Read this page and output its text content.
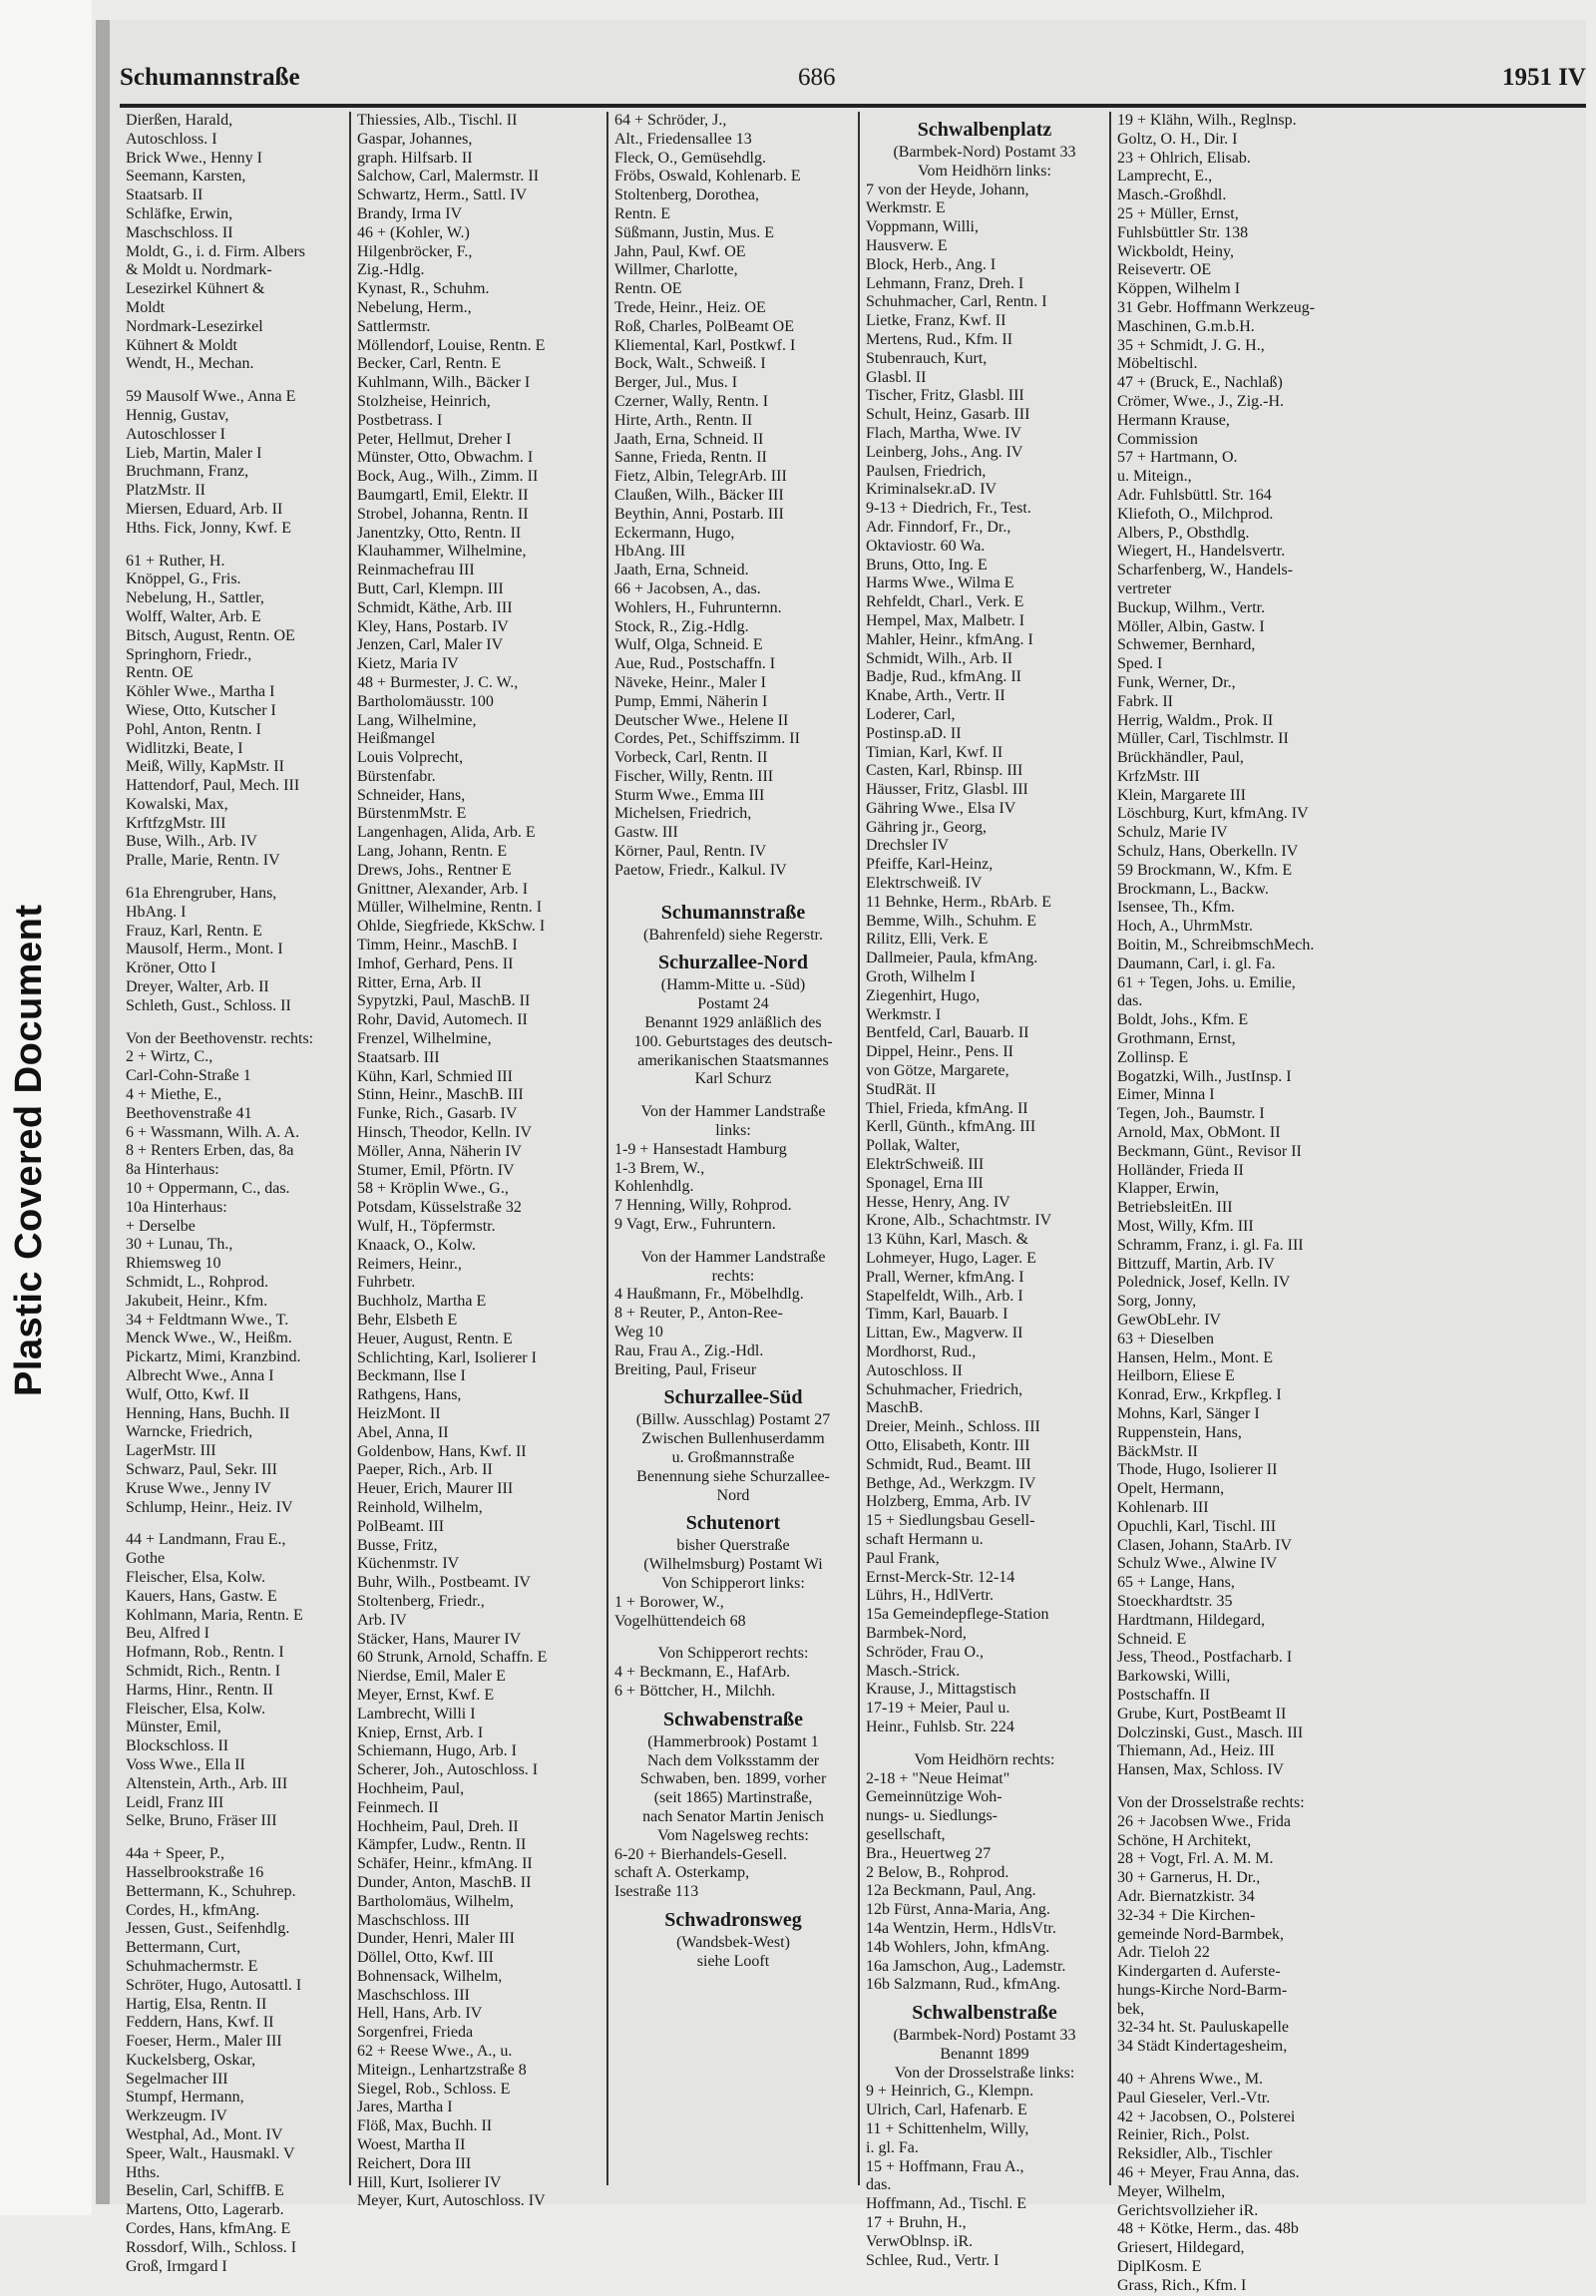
Plastic Covered Document
Schumannstraße	686	1951 IV
Dierßen, Harald,
Autoschloss. I
Brick Wwe., Henny I
Seemann, Karsten,
Staatsarb. II
Schläfke, Erwin,
Maschschloss. II
Moldt, G., i. d. Firm. Albers
& Moldt u. Nordmark-
Lesezirkel Kühnert &
Moldt
Nordmark-Lesezirkel
Kühnert & Moldt
Wendt, H., Mechan.
59 Mausolf Wwe., Anna E
Hennig, Gustav,
Autoschlosser I
Lieb, Martin, Maler I
Bruchmann, Franz,
PlatzMstr. II
Miersen, Eduard, Arb. II
Hths. Fick, Jonny, Kwf. E
61 + Ruther, H.
Knöppel, G., Fris.
Nebelung, H., Sattler,
Wolff, Walter, Arb. E
Bitsch, August, Rentn. OE
Springhorn, Friedr.,
Rentn. OE
Köhler Wwe., Martha I
Wiese, Otto, Kutscher I
Pohl, Anton, Rentn. I
Widlitzki, Beate, I
Meiß, Willy, KapMstr. II
Hattendorf, Paul, Mech. III
Kowalski, Max,
KrftfzgMstr. III
Buse, Wilh., Arb. IV
Pralle, Marie, Rentn. IV
61a Ehrengruber, Hans,
HbAng. I
Frauz, Karl, Rentn. E
Mausolf, Herm., Mont. I
Kröner, Otto I
Dreyer, Walter, Arb. II
Schleth, Gust., Schloss. II
Von der Beethovenstr. rechts:
2 + Wirtz, C.,
Carl-Cohn-Straße 1
4 + Miethe, E.,
Beethovenstraße 41
6 + Wassmann, Wilh. A. A.
8 + Renters Erben, das, 8a
8a Hinterhaus:
10 + Oppermann, C., das.
10a Hinterhaus:
+ Derselbe
30 + Lunau, Th.,
Rhiemsweg 10
Schmidt, L., Rohprod.
Jakubeit, Heinr., Kfm.
34 + Feldtmann Wwe., T.
Menck Wwe., W., Heißm.
Pickartz, Mimi, Kranzbind.
Albrecht Wwe., Anna I
Wulf, Otto, Kwf. II
Henning, Hans, Buchh. II
Warncke, Friedrich,
LagerMstr. III
Schwarz, Paul, Sekr. III
Kruse Wwe., Jenny IV
Schlump, Heinr., Heiz. IV
44 + Landmann, Frau E.,
Gothe
Fleischer, Elsa, Kolw.
Kauers, Hans, Gastw. E
Kohlmann, Maria, Rentn. E
Beu, Alfred I
Hofmann, Rob., Rentn. I
Schmidt, Rich., Rentn. I
Harms, Hinr., Rentn. II
Fleischer, Elsa, Kolw.
Münster, Emil,
Blockschloss. II
Voss Wwe., Ella II
Altenstein, Arth., Arb. III
Leidl, Franz III
Selke, Bruno, Fräser III
44a + Speer, P.,
Hasselbrookstraße 16
Bettermann, K., Schuhrep.
Cordes, H., kfmAng.
Jessen, Gust., Seifenhdlg.
Bettermann, Curt,
Schuhmachermstr. E
Schröter, Hugo, Autosattl. I
Hartig, Elsa, Rentn. II
Feddern, Hans, Kwf. II
Foeser, Herm., Maler III
Kuckelsberg, Oskar,
Segelmacher III
Stumpf, Hermann,
Werkzeugm. IV
Westphal, Ad., Mont. IV
Speer, Walt., Hausmakl. V
Hths.
Beselin, Carl, SchiffB. E
Martens, Otto, Lagerarb.
Cordes, Hans, kfmAng. E
Rossdorf, Wilh., Schloss. I
Groß, Irmgard I
Thiessies, Alb., Tischl. II
Gaspar, Johannes,
graph. Hilfsarb. II
Salchow, Carl, Malermstr. II
Schwartz, Herm., Sattl. IV
Brandy, Irma IV
46 + (Kohler, W.)
Hilgenbröcker, F.,
Zig.-Hdlg.
Kynast, R., Schuhm.
Nebelung, Herm.,
Sattlermstr.
Möllendorf, Louise, Rentn. E
Becker, Carl, Rentn. E
Kuhlmann, Wilh., Bäcker I
Stolzheise, Heinrich,
Postbetrass. I
Peter, Hellmut, Dreher I
Münster, Otto, Obwachm. I
Bock, Aug., Wilh., Zimm. II
Baumgartl, Emil, Elektr. II
Strobel, Johanna, Rentn. II
Janentzky, Otto, Rentn. II
Klauhammer, Wilhelmine,
Reinmachefrau III
Butt, Carl, Klempn. III
Schmidt, Käthe, Arb. III
Kley, Hans, Postarb. IV
Jenzen, Carl, Maler IV
Kietz, Maria IV
48 + Burmester, J. C. W.,
Bartholomäusstr. 100
Lang, Wilhelmine,
Heißmangel
Louis Volprecht,
Bürstenfabr.
Schneider, Hans,
BürstenmMstr. E
Langenhagen, Alida, Arb. E
Lang, Johann, Rentn. E
Drews, Johs., Rentner E
Gnittner, Alexander, Arb. I
Müller, Wilhelmine, Rentn. I
Ohlde, Siegfriede, KkSchw. I
Timm, Heinr., MaschB. I
Imhof, Gerhard, Pens. II
Ritter, Erna, Arb. II
Sypytzki, Paul, MaschB. II
Rohr, David, Automech. II
Frenzel, Wilhelmine,
Staatsarb. III
Kühn, Karl, Schmied III
Stinn, Heinr., MaschB. III
Funke, Rich., Gasarb. IV
Hinsch, Theodor, Kelln. IV
Möller, Anna, Näherin IV
Stumer, Emil, Pförtn. IV
58 + Kröplin Wwe., G.,
Potsdam, Küsselstraße 32
Wulf, H., Töpfermstr.
Knaack, O., Kolw.
Reimers, Heinr.,
Fuhrbetr.
Buchholz, Martha E
Behr, Elsbeth E
Heuer, August, Rentn. E
Schlichting, Karl, Isolierer I
Beckmann, Ilse I
Rathgens, Hans,
HeizMont. II
Abel, Anna, II
Goldenbow, Hans, Kwf. II
Paeper, Rich., Arb. II
Heuer, Erich, Maurer III
Reinhold, Wilhelm,
PolBeamt. III
Busse, Fritz,
Küchenmstr. IV
Buhr, Wilh., Postbeamt. IV
Stoltenberg, Friedr.,
Arb. IV
Stäcker, Hans, Maurer IV
60 Strunk, Arnold, Schaffn. E
Nierdse, Emil, Maler E
Meyer, Ernst, Kwf. E
Lambrecht, Willi I
Kniep, Ernst, Arb. I
Schiemann, Hugo, Arb. I
Scherer, Joh., Autoschloss. I
Hochheim, Paul,
Feinmech. II
Hochheim, Paul, Dreh. II
Kämpfer, Ludw., Rentn. II
Schäfer, Heinr., kfmAng. II
Dunder, Anton, MaschB. II
Bartholomäus, Wilhelm,
Maschschloss. III
Dunder, Henri, Maler III
Döllel, Otto, Kwf. III
Bohnensack, Wilhelm,
Maschschloss. III
Hell, Hans, Arb. IV
Sorgenfrei, Frieda
62 + Reese Wwe., A., u.
Miteign., Lenhartzstraße 8
Siegel, Rob., Schloss. E
Jares, Martha I
Flöß, Max, Buchh. II
Woest, Martha II
Reichert, Dora III
Hill, Kurt, Isolierer IV
Meyer, Kurt, Autoschloss. IV
64 + Schröder, J.,
Alt., Friedensallee 13
Fleck, O., Gemüsehdlg.
Fröbs, Oswald, Kohlenarb. E
Stoltenberg, Dorothea,
Rentn. E
Süßmann, Justin, Mus. E
Jahn, Paul, Kwf. OE
Willmer, Charlotte,
Rentn. OE
Trede, Heinr., Heiz. OE
Roß, Charles, PolBeamt OE
Kliemental, Karl, Postkwf. I
Bock, Walt., Schweiß. I
Berger, Jul., Mus. I
Czerner, Wally, Rentn. I
Hirte, Arth., Rentn. II
Jaath, Erna, Schneid. II
Sanne, Frieda, Rentn. II
Fietz, Albin, TelegrArb. III
Claußen, Wilh., Bäcker III
Beythin, Anni, Postarb. III
Eckermann, Hugo,
HbAng. III
Jaath, Erna, Schneid.
66 + Jacobsen, A., das.
Wohlers, H., Fuhrunternn.
Stock, R., Zig.-Hdlg.
Wulf, Olga, Schneid. E
Aue, Rud., Postschaffn. I
Näveke, Heinr., Maler I
Pump, Emmi, Näherin I
Deutscher Wwe., Helene II
Cordes, Pet., Schiffszimm. II
Vorbeck, Carl, Rentn. II
Fischer, Willy, Rentn. III
Sturm Wwe., Emma III
Michelsen, Friedrich,
Gastw. III
Körner, Paul, Rentn. IV
Paetow, Friedr., Kalkul. IV
Schumannstraße
(Bahrenfeld) siehe Regerstr.
Schurzallee-Nord
(Hamm-Mitte u. -Süd)
Postamt 24
Benannt 1929 anläßlich des
100. Geburtstages des deutsch-
amerikanischen Staatsmannes
Karl Schurz
Von der Hammer Landstraße
links:
1-9 + Hansestadt Hamburg
1-3 Brem, W.,
Kohlenhdlg.
7 Henning, Willy, Rohprod.
9 Vagt, Erw., Fuhruntern.
Von der Hammer Landstraße
rechts:
4 Haußmann, Fr., Möbelhdlg.
8 + Reuter, P., Anton-Ree-
Weg 10
Rau, Frau A., Zig.-Hdl.
Breiting, Paul, Friseur
Schurzallee-Süd
(Billw. Ausschlag) Postamt 27
Zwischen Bullenhuserdamm
u. Großmannstraße
Benennung siehe Schurzallee-
Nord
Schutenort
bisher Querstraße
(Wilhelmsburg) Postamt Wi
Von Schipperort links:
1 + Borower, W.,
Vogelhüttendeich 68
Von Schipperort rechts:
4 + Beckmann, E., HafArb.
6 + Böttcher, H., Milchh.
Schwabenstraße
(Hammerbrook) Postamt 1
Nach dem Volksstamm der
Schwaben, ben. 1899, vorher
(seit 1865) Martinstraße,
nach Senator Martin Jenisch
Vom Nagelsweg rechts:
6-20 + Bierhandels-Gesell.
schaft A. Osterkamp,
Isestraße 113
Schwadronsweg
(Wandsbek-West)
siehe Looft
Schwalbenplatz
(Barmbek-Nord) Postamt 33
Vom Heidhörn links:
7 von der Heyde, Johann,
Werkmstr. E
Voppmann, Willi,
Hausverw. E
Block, Herb., Ang. I
Lehmann, Franz, Dreh. I
Schuhmacher, Carl, Rentn. I
Lietke, Franz, Kwf. II
Mertens, Rud., Kfm. II
Stubenrauch, Kurt,
Glasbl. II
Tischer, Fritz, Glasbl. III
Schult, Heinz, Gasarb. III
Flach, Martha, Wwe. IV
Leinberg, Johs., Ang. IV
Paulsen, Friedrich,
Kriminalsekr.aD. IV
9-13 + Diedrich, Fr., Test.
Adr. Finndorf, Fr., Dr.,
Oktaviostr. 60 Wa.
Bruns, Otto, Ing. E
Harms Wwe., Wilma E
Rehfeldt, Charl., Verk. E
Hempel, Max, Malbetr. I
Mahler, Heinr., kfmAng. I
Schmidt, Wilh., Arb. II
Badje, Rud., kfmAng. II
Knabe, Arth., Vertr. II
Loderer, Carl,
Postinsp.aD. II
Timian, Karl, Kwf. II
Casten, Karl, Rbinsp. III
Häusser, Fritz, Glasbl. III
Gähring Wwe., Elsa IV
Gähring jr., Georg,
Drechsler IV
Pfeiffe, Karl-Heinz,
Elektrschweiß. IV
11 Behnke, Herm., RbArb. E
Bemme, Wilh., Schuhm. E
Rilitz, Elli, Verk. E
Dallmeier, Paula, kfmAng.
Groth, Wilhelm I
Ziegenhirt, Hugo,
Werkmstr. I
Bentfeld, Carl, Bauarb. II
Dippel, Heinr., Pens. II
von Götze, Margarete,
StudRät. II
Thiel, Frieda, kfmAng. II
Kerll, Günth., kfmAng. III
Pollak, Walter,
ElektrSchweiß. III
Sponagel, Erna III
Hesse, Henry, Ang. IV
Krone, Alb., Schachtmstr. IV
13 Kühn, Karl, Masch. &
Lohmeyer, Hugo, Lager. E
Prall, Werner, kfmAng. I
Stapelfeldt, Wilh., Arb. I
Timm, Karl, Bauarb. I
Littan, Ew., Magverw. II
Mordhorst, Rud.,
Autoschloss. II
Schuhmacher, Friedrich,
MaschB.
Dreier, Meinh., Schloss. III
Otto, Elisabeth, Kontr. III
Schmidt, Rud., Beamt. III
Bethge, Ad., Werkzgm. IV
Holzberg, Emma, Arb. IV
15 + Siedlungsbau Gesell-
schaft Hermann u.
Paul Frank,
Ernst-Merck-Str. 12-14
Lührs, H., HdlVertr.
15a Gemeindepflege-Station
Barmbek-Nord,
Schröder, Frau O.,
Masch.-Strick.
Krause, J., Mittagstisch
17-19 + Meier, Paul u.
Heinr., Fuhlsb. Str. 224
Vom Heidhörn rechts:
2-18 + "Neue Heimat"
Gemeinnützige Woh-
nungs- u. Siedlungs-
gesellschaft,
Bra., Heuertweg 27
2 Below, B., Rohprod.
12a Beckmann, Paul, Ang.
12b Fürst, Anna-Maria, Ang.
14a Wentzin, Herm., HdlsVtr.
14b Wohlers, John, kfmAng.
16a Jamschon, Aug., Lademstr.
16b Salzmann, Rud., kfmAng.
Schwalbenstraße
(Barmbek-Nord) Postamt 33
Benannt 1899
Von der Drosselstraße links:
9 + Heinrich, G., Klempn.
Ulrich, Carl, Hafenarb. E
11 + Schittenhelm, Willy,
i. gl. Fa.
15 + Hoffmann, Frau A.,
das.
Hoffmann, Ad., Tischl. E
17 + Bruhn, H.,
VerwOblnsp. iR.
Schlee, Rud., Vertr. I
19 + Klähn, Wilh., Reglnsp.
Goltz, O. H., Dir. I
23 + Ohlrich, Elisab.
Lamprecht, E.,
Masch.-Großhdl.
25 + Müller, Ernst,
Fuhlsbüttler Str. 138
Wickboldt, Heiny,
Reisevertr. OE
Köppen, Wilhelm I
31 Gebr. Hoffmann Werkzeug-
Maschinen, G.m.b.H.
35 + Schmidt, J. G. H.,
Möbeltischl.
47 + (Bruck, E., Nachlaß)
Crömer, Wwe., J., Zig.-H.
Hermann Krause,
Commission
57 + Hartmann, O.
u. Miteign.,
Adr. Fuhlsbüttl. Str. 164
Kliefoth, O., Milchprod.
Albers, P., Obsthdlg.
Wiegert, H., Handelsvertr.
Scharfenberg, W., Handels-
vertreter
Buckup, Wilhm., Vertr.
Möller, Albin, Gastw. I
Schwemer, Bernhard,
Sped. I
Funk, Werner, Dr.,
Fabrk. II
Herrig, Waldm., Prok. II
Müller, Carl, Tischlmstr. II
Brückhändler, Paul,
KrfzMstr. III
Klein, Margarete III
Löschburg, Kurt, kfmAng. IV
Schulz, Marie IV
Schulz, Hans, Oberkelln. IV
59 Brockmann, W., Kfm. E
Brockmann, L., Backw.
Isensee, Th., Kfm.
Hoch, A., UhrmMstr.
Boitin, M., SchreibmschMech.
Daumann, Carl, i. gl. Fa.
61 + Tegen, Johs. u. Emilie,
das.
Boldt, Johs., Kfm. E
Grothmann, Ernst,
Zollinsp. E
Bogatzki, Wilh., JustInsp. I
Eimer, Minna I
Tegen, Joh., Baumstr. I
Arnold, Max, ObMont. II
Beckmann, Günt., Revisor II
Holländer, Frieda II
Klapper, Erwin,
BetriebsleitEn. III
Most, Willy, Kfm. III
Schramm, Franz, i. gl. Fa. III
Bittzuff, Martin, Arb. IV
Polednick, Josef, Kelln. IV
Sorg, Jonny,
GewObLehr. IV
63 + Dieselben
Hansen, Helm., Mont. E
Heilborn, Eliese E
Konrad, Erw., Krkpfleg. I
Mohns, Karl, Sänger I
Ruppenstein, Hans,
BäckMstr. II
Thode, Hugo, Isolierer II
Opelt, Hermann,
Kohlenarb. III
Opuchli, Karl, Tischl. III
Clasen, Johann, StaArb. IV
Schulz Wwe., Alwine IV
65 + Lange, Hans,
Stoeckhardtstr. 35
Hardtmann, Hildegard,
Schneid. E
Jess, Theod., Postfacharb. I
Barkowski, Willi,
Postschaffn. II
Grube, Kurt, PostBeamt II
Dolczinski, Gust., Masch. III
Thiemann, Ad., Heiz. III
Hansen, Max, Schloss. IV
Von der Drosselstraße rechts:
26 + Jacobsen Wwe., Frida
Schöne, H Architekt,
28 + Vogt, Frl. A. M. M.
30 + Garnerus, H. Dr.,
Adr. Biernatzkistr. 34
32-34 + Die Kirchen-
gemeinde Nord-Barmbek,
Adr. Tieloh 22
Kindergarten d. Auferste-
hungs-Kirche Nord-Barm-
bek,
32-34 ht. St. Pauluskapelle
34 Städt Kindertagesheim,
40 + Ahrens Wwe., M.
Paul Gieseler, Verl.-Vtr.
42 + Jacobsen, O., Polsterei
Reinier, Rich., Polst.
Reksidler, Alb., Tischler
46 + Meyer, Frau Anna, das.
Meyer, Wilhelm,
Gerichtsvollzieher iR.
48 + Kötke, Herm., das. 48b
Griesert, Hildegard,
DiplKosm. E
Grass, Rich., Kfm. I
